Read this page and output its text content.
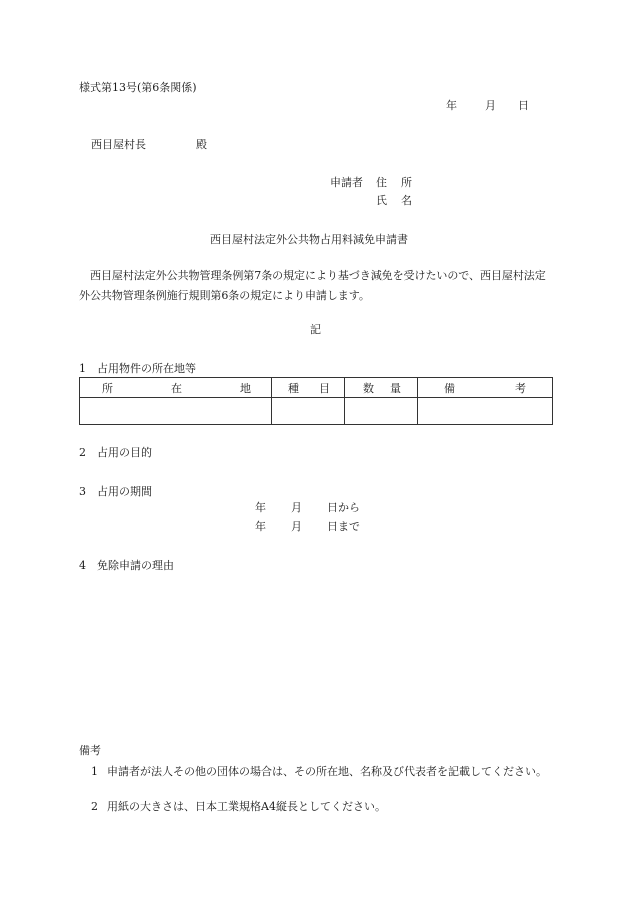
様式第13号(第6条関係)
年	月 日
西目屋村長	殿
申請者 住 所
氏 名
西目屋村法定外公共物占用料減免申請書
西目屋村法定外公共物管理条例第7条の規定により基づき減免を受けたいので、西目屋村法定外公共物管理条例施行規則第6条の規定により申請します。
記
1 占用物件の所在地等
所 在 地	種 目	数 量	備 考

2 占用の目的
3 占用の期間
年 月 日から
年 月 日まで
4 免除申請の理由
備考
1 申請者が法人その他の団体の場合は、その所在地、名称及び代表者を記載してください。
2 用紙の大きさは、日本工業規格A4縦長としてください。
